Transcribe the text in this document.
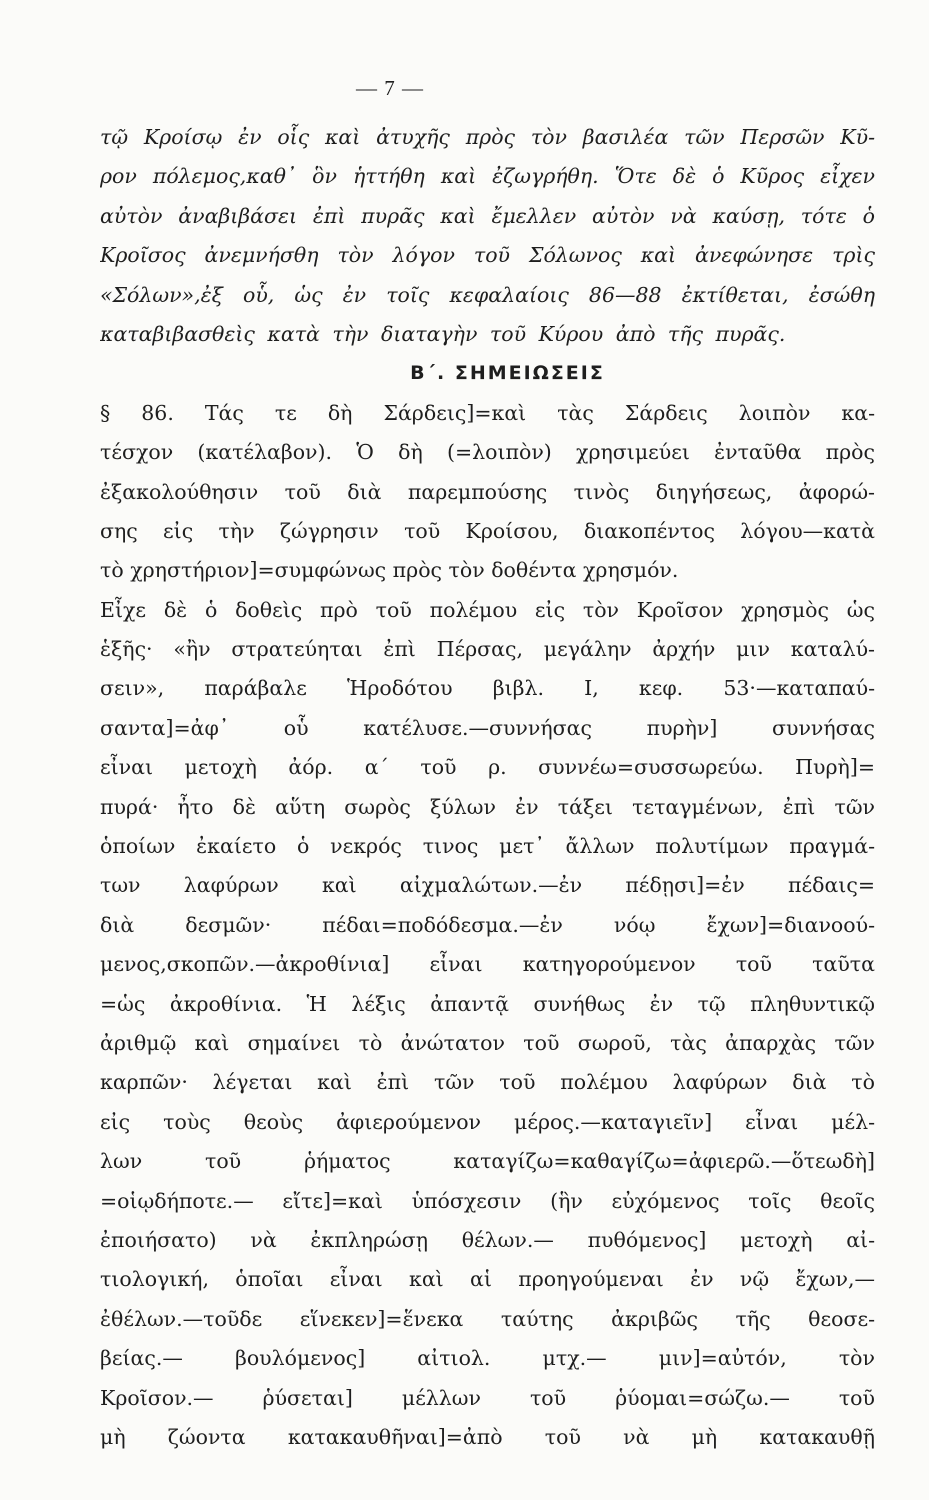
— 7 —
τῷ Κροίσῳ ἐν οἷς καὶ ἀτυχῆς πρὸς τὸν βασιλέα τῶν Περσῶν Κῦ-
ρον πόλεμος,καθ᾽ ὃν ἡττήθη καὶ ἐζωγρήθη. Ὅτε δὲ ὁ Κῦρος εἶχεν
αὐτὸν ἀναβιβάσει ἐπὶ πυρᾶς καὶ ἔμελλεν αὐτὸν νὰ καύσῃ, τότε ὁ
Κροῖσος ἀνεμνήσθη τὸν λόγον τοῦ Σόλωνος καὶ ἀνεφώνησε τρὶς
«Σόλων»,ἐξ οὗ, ὡς ἐν τοῖς κεφαλαίοις 86—88 ἐκτίθεται, ἐσώθη
καταβιβασθεὶς κατὰ τὴν διαταγὴν τοῦ Κύρου ἀπὸ τῆς πυρᾶς.
Β΄. ΣΗΜΕΙΩΣΕΙΣ
§ 86. Τάς τε δὴ Σάρδεις]=καὶ τὰς Σάρδεις λοιπὸν κα-
τέσχον (κατέλαβον). Ὁ δὴ (=λοιπὸν) χρησιμεύει ἐνταῦθα πρὸς
ἐξακολούθησιν τοῦ διὰ παρεμπούσης τινὸς διηγήσεως, ἀφορώ-
σης εἰς τὴν ζώγρησιν τοῦ Κροίσου, διακοπέντος λόγου—κατὰ
τὸ χρηστήριον]=συμφώνως πρὸς τὸν δοθέντα χρησμόν.
Εἶχε δὲ ὁ δοθεὶς πρὸ τοῦ πολέμου εἰς τὸν Κροῖσον χρησμὸς ὡς
ἑξῆς· «ἢν στρατεύηται ἐπὶ Πέρσας, μεγάλην ἀρχήν μιν καταλύ-
σειν», παράβαλε Ἡροδότου βιβλ. Ι, κεφ. 53·—καταπαύ-
σαντα]=ἀφ᾽ οὗ κατέλυσε.—συννήσας πυρὴν] συννήσας
εἶναι μετοχὴ ἀόρ. α΄ τοῦ ρ. συννέω=συσσωρεύω. Πυρὴ]=
πυρά· ἦτο δὲ αὕτη σωρὸς ξύλων ἐν τάξει τεταγμένων, ἐπὶ τῶν
ὁποίων ἐκαίετο ὁ νεκρός τινος μετ᾽ ἄλλων πολυτίμων πραγμά-
των λαφύρων καὶ αἰχμαλώτων.—ἐν πέδῃσι]=ἐν πέδαις=
διὰ δεσμῶν· πέδαι=ποδόδεσμα.—ἐν νόῳ ἔχων]=διανοού-
μενος,σκοπῶν.—ἀκροθίνια] εἶναι κατηγορούμενον τοῦ ταῦτα
=ὡς ἀκροθίνια. Ἡ λέξις ἀπαντᾷ συνήθως ἐν τῷ πληθυντικῷ
ἀριθμῷ καὶ σημαίνει τὸ ἀνώτατον τοῦ σωροῦ, τὰς ἀπαρχὰς τῶν
καρπῶν· λέγεται καὶ ἐπὶ τῶν τοῦ πολέμου λαφύρων διὰ τὸ
εἰς τοὺς θεοὺς ἀφιερούμενον μέρος.—καταγιεῖν] εἶναι μέλ-
λων τοῦ ῥήματος καταγίζω=καθαγίζω=ἀφιερῶ.—ὅτεωδὴ]
=οἱῳδήποτε.— εἴτε]=καὶ ὑπόσχεσιν (ἣν εὐχόμενος τοῖς θεοῖς
ἐποιήσατο) νὰ ἐκπληρώσῃ θέλων.— πυθόμενος] μετοχὴ αἰ-
τιολογική, ὁποῖαι εἶναι καὶ αἱ προηγούμεναι ἐν νῷ ἔχων,—
ἐθέλων.—τοῦδε εἵνεκεν]=ἕνεκα ταύτης ἀκριβῶς τῆς θεοσε-
βείας.— βουλόμενος] αἰτιολ. μτχ.— μιν]=αὐτόν, τὸν
Κροῖσον.— ῥύσεται] μέλλων τοῦ ῥύομαι=σώζω.— τοῦ
μὴ ζώοντα κατακαυθῆναι]=ἀπὸ τοῦ νὰ μὴ κατακαυθῇ
